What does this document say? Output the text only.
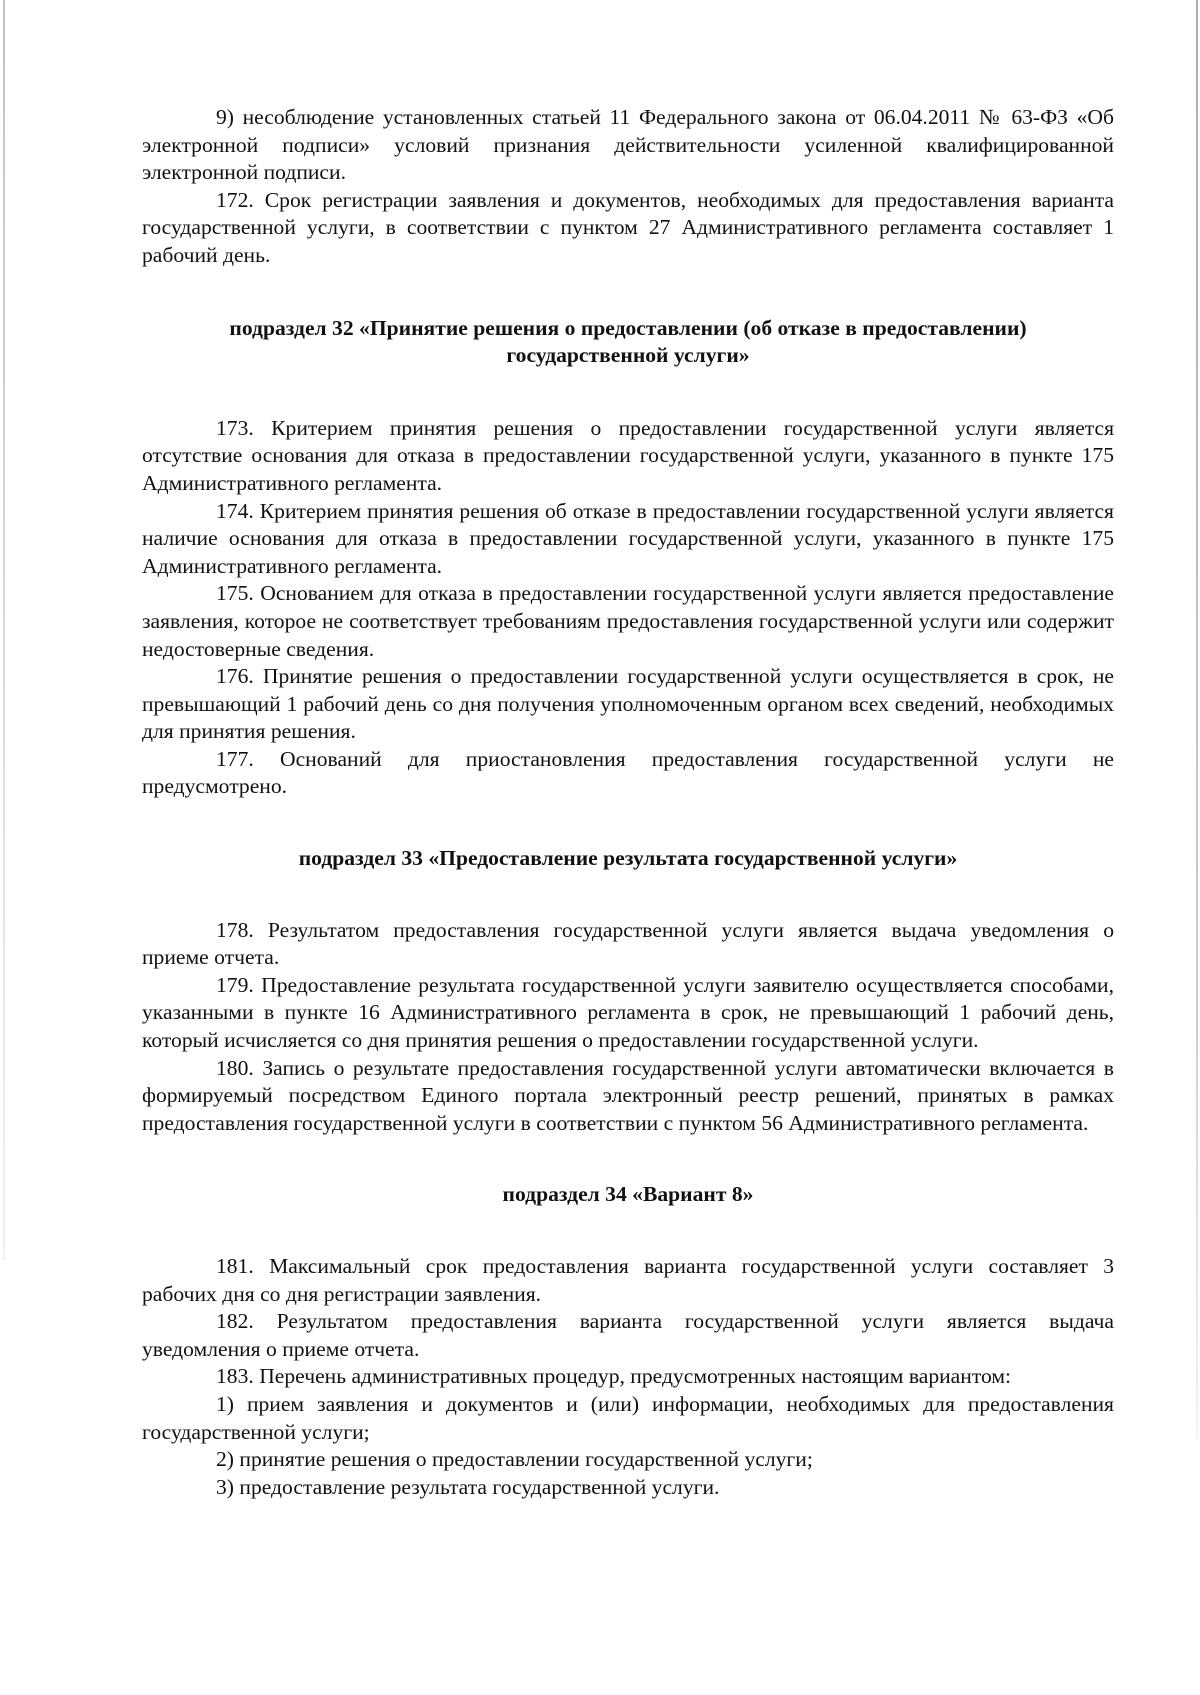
9) несоблюдение установленных статьей 11 Федерального закона от 06.04.2011 № 63-ФЗ «Об электронной подписи» условий признания действительности усиленной квалифицированной электронной подписи.

172. Срок регистрации заявления и документов, необходимых для предоставления варианта государственной услуги, в соответствии с пунктом 27 Административного регламента составляет 1 рабочий день.

подраздел 32 «Принятие решения о предоставлении (об отказе в предоставлении)

государственной услуги»

173. Критерием принятия решения о предоставлении государственной услуги является отсутствие основания для отказа в предоставлении государственной услуги, указанного в пункте 175 Административного регламента.

174. Критерием принятия решения об отказе в предоставлении государственной услуги является наличие основания для отказа в предоставлении государственной услуги, указанного в пункте 175 Административного регламента.

175. Основанием для отказа в предоставлении государственной услуги является предоставление заявления, которое не соответствует требованиям предоставления государственной услуги или содержит недостоверные сведения.

176. Принятие решения о предоставлении государственной услуги осуществляется в срок, не превышающий 1 рабочий день со дня получения уполномоченным органом всех сведений, необходимых для принятия решения.

177. Оснований для приостановления предоставления государственной услуги не предусмотрено.

подраздел 33 «Предоставление результата государственной услуги»

178. Результатом предоставления государственной услуги является выдача уведомления о приеме отчета.

179. Предоставление результата государственной услуги заявителю осуществляется способами, указанными в пункте 16 Административного регламента в срок, не превышающий 1 рабочий день, который исчисляется со дня принятия решения о предоставлении государственной услуги.

180. Запись о результате предоставления государственной услуги автоматически включается в формируемый посредством Единого портала электронный реестр решений, принятых в рамках предоставления государственной услуги в соответствии с пунктом 56 Административного регламента.

подраздел 34 «Вариант 8»

181. Максимальный срок предоставления варианта государственной услуги составляет 3 рабочих дня со дня регистрации заявления.

182. Результатом предоставления варианта государственной услуги является выдача уведомления о приеме отчета.

183. Перечень административных процедур, предусмотренных настоящим вариантом:

1) прием заявления и документов и (или) информации, необходимых для предоставления государственной услуги;

2) принятие решения о предоставлении государственной услуги;

3) предоставление результата государственной услуги.
